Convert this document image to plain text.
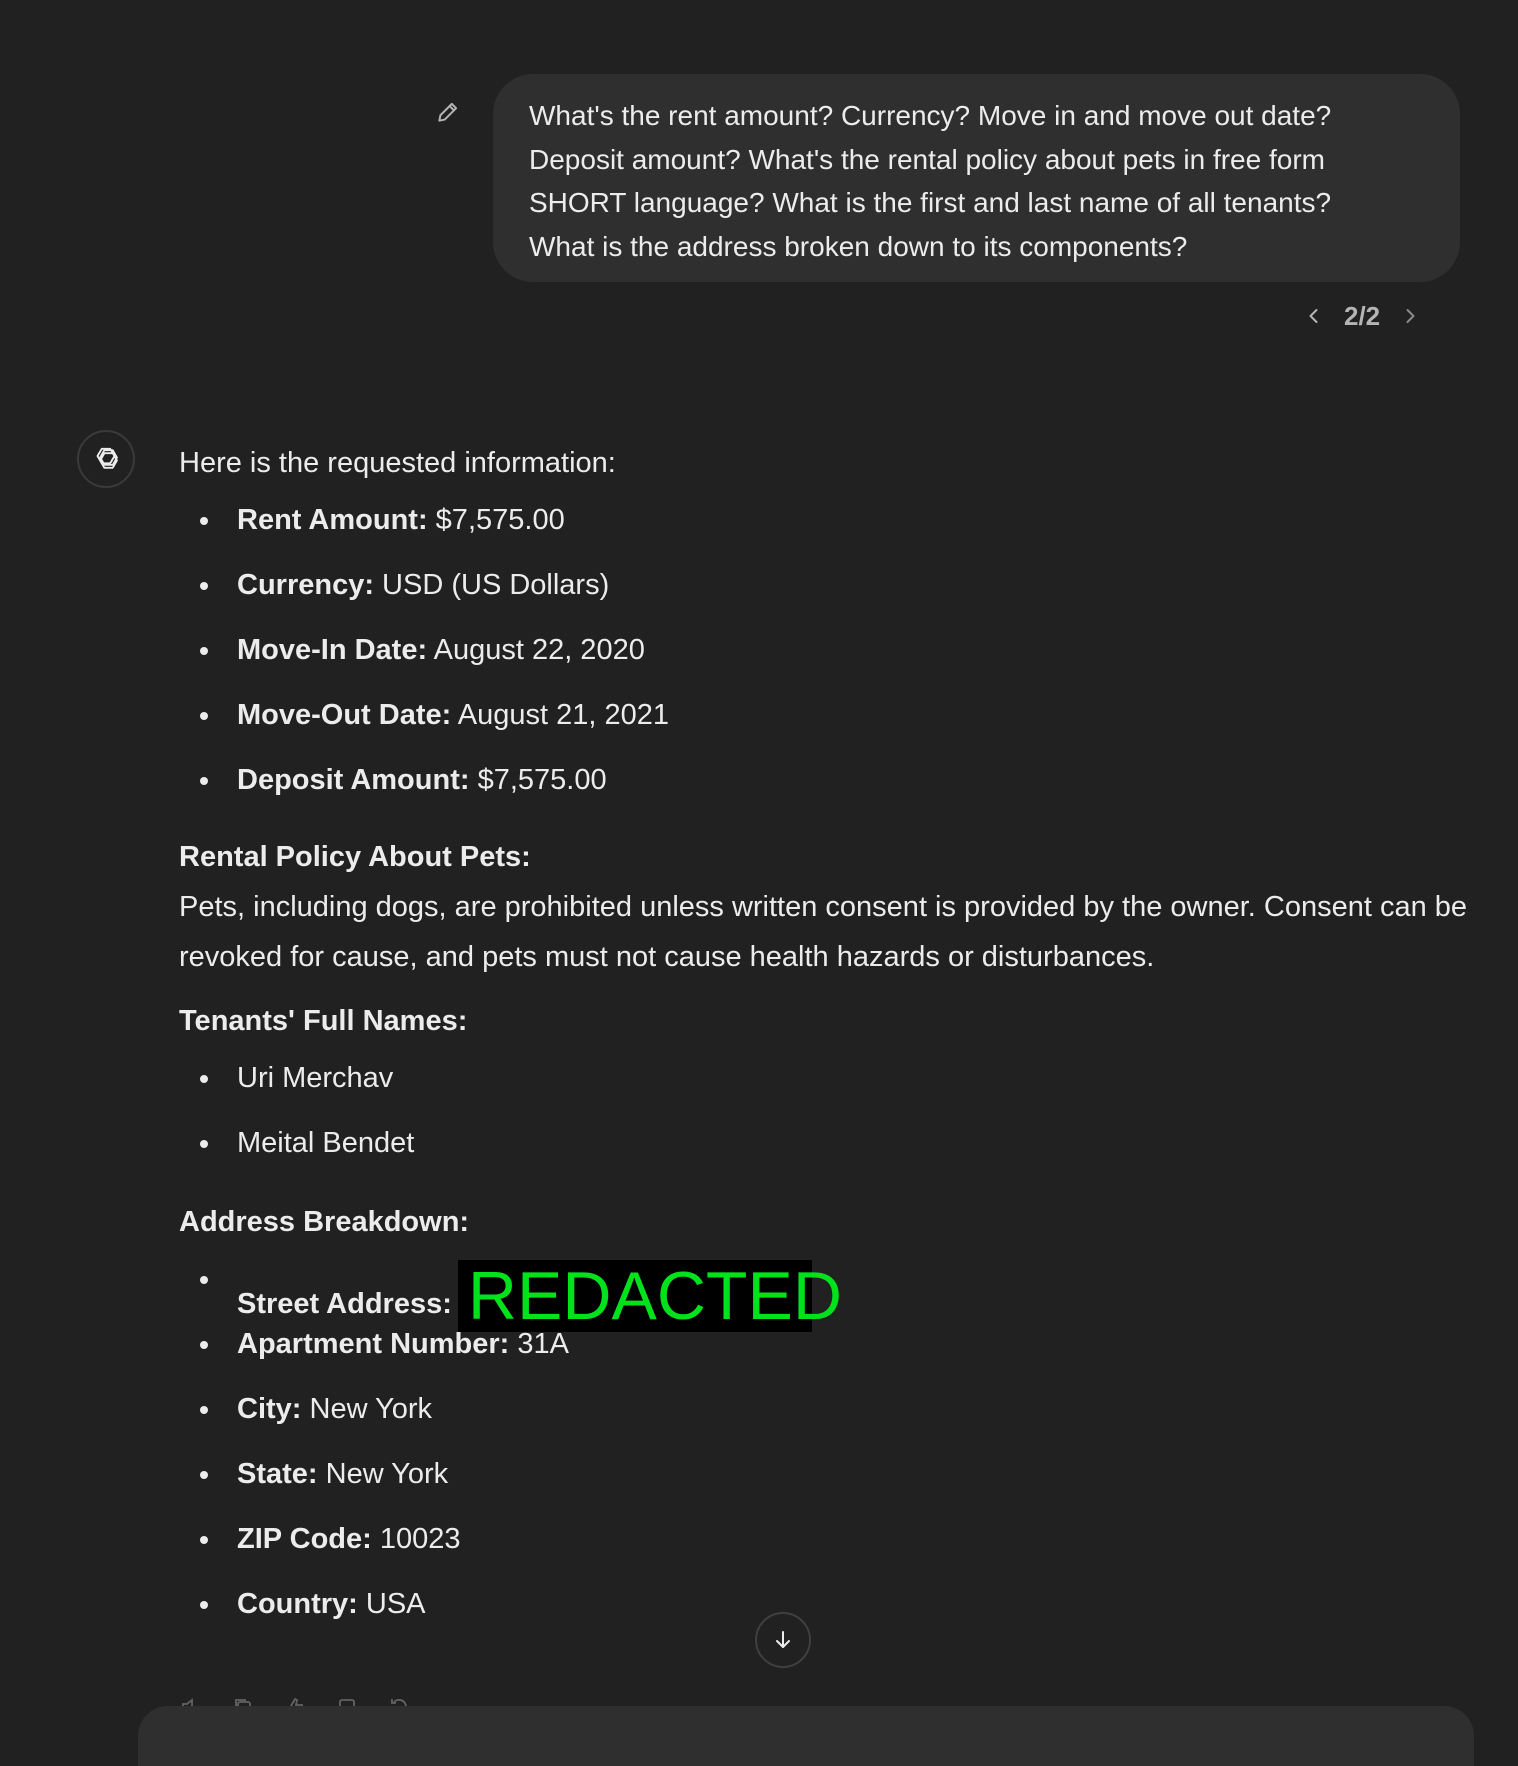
What's the rent amount? Currency? Move in and move out date?
Deposit amount? What's the rental policy about pets in free form
SHORT language? What is the first and last name of all tenants?
What is the address broken down to its components?
2/2

Here is the requested information:

Rent Amount: $7,575.00
Currency: USD (US Dollars)
Move-In Date: August 22, 2020
Move-Out Date: August 21, 2021
Deposit Amount: $7,575.00

Rental Policy About Pets:

Pets, including dogs, are prohibited unless written consent is provided by the owner. Consent can be revoked for cause, and pets must not cause health hazards or disturbances.

Tenants' Full Names:

Uri Merchav
Meital Bendet

Address Breakdown:

Street Address: REDACTED
Apartment Number: 31A
City: New York
State: New York
ZIP Code: 10023
Country: USA
